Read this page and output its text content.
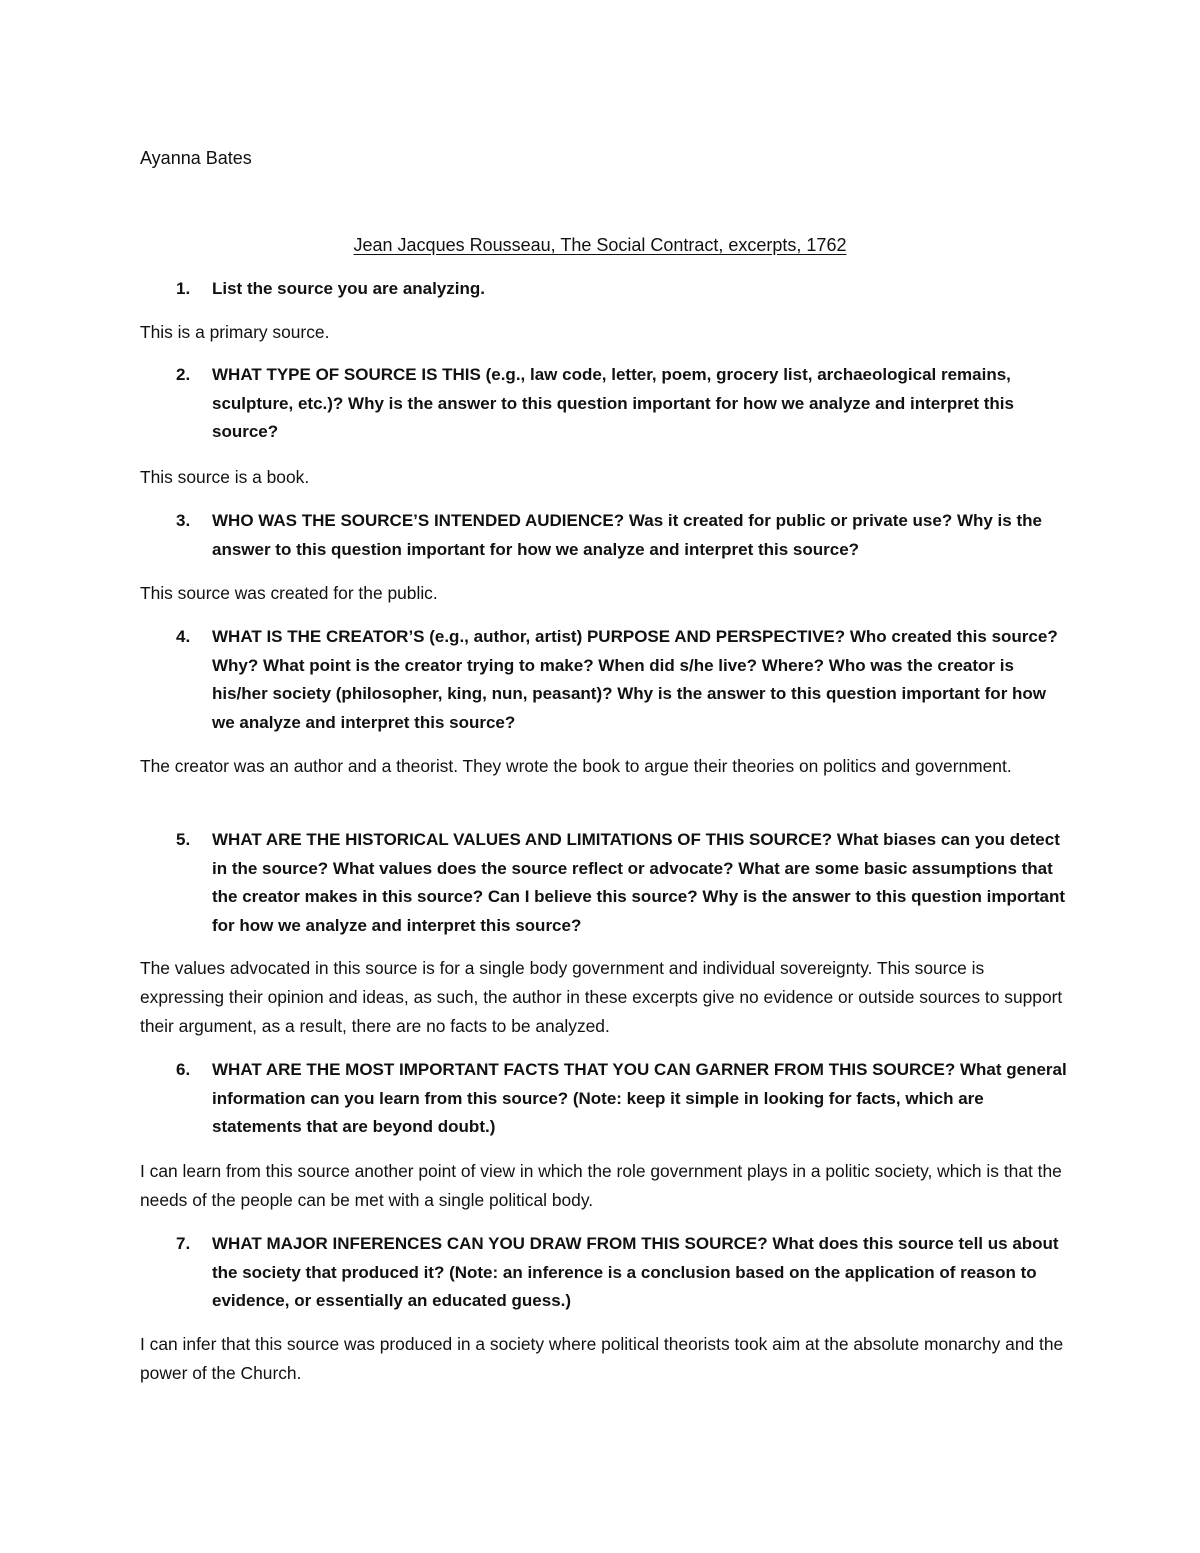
Ayanna Bates
Jean Jacques Rousseau, The Social Contract, excerpts, 1762
1. List the source you are analyzing.
This is a primary source.
2. WHAT TYPE OF SOURCE IS THIS (e.g., law code, letter, poem, grocery list, archaeological remains, sculpture, etc.)? Why is the answer to this question important for how we analyze and interpret this source?
This source is a book.
3. WHO WAS THE SOURCE’S INTENDED AUDIENCE? Was it created for public or private use? Why is the answer to this question important for how we analyze and interpret this source?
This source was created for the public.
4. WHAT IS THE CREATOR’S (e.g., author, artist) PURPOSE AND PERSPECTIVE? Who created this source? Why? What point is the creator trying to make? When did s/he live? Where? Who was the creator is his/her society (philosopher, king, nun, peasant)? Why is the answer to this question important for how we analyze and interpret this source?
The creator was an author and a theorist. They wrote the book to argue their theories on politics and government.
5. WHAT ARE THE HISTORICAL VALUES AND LIMITATIONS OF THIS SOURCE? What biases can you detect in the source? What values does the source reflect or advocate? What are some basic assumptions that the creator makes in this source? Can I believe this source? Why is the answer to this question important for how we analyze and interpret this source?
The values advocated in this source is for a single body government and individual sovereignty. This source is expressing their opinion and ideas, as such, the author in these excerpts give no evidence or outside sources to support their argument, as a result, there are no facts to be analyzed.
6. WHAT ARE THE MOST IMPORTANT FACTS THAT YOU CAN GARNER FROM THIS SOURCE? What general information can you learn from this source? (Note: keep it simple in looking for facts, which are statements that are beyond doubt.)
I can learn from this source another point of view in which the role government plays in a politic society, which is that the needs of the people can be met with a single political body.
7. WHAT MAJOR INFERENCES CAN YOU DRAW FROM THIS SOURCE? What does this source tell us about the society that produced it? (Note: an inference is a conclusion based on the application of reason to evidence, or essentially an educated guess.)
I can infer that this source was produced in a society where political theorists took aim at the absolute monarchy and the power of the Church.
